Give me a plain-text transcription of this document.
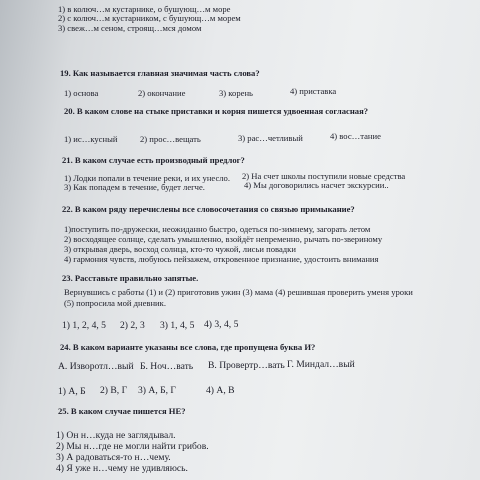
1) в колюч…м кустарнике, о бушующ…м море
2) с колюч…м кустарником, с бушующ…м морем
3) свеж…м сеном, строящ…мся домом
19. Как называется главная значимая часть слова?
1) основа	2) окончание	3) корень	4) приставка
20. В каком слове на стыке приставки и корня пишется удвоенная согласная?
1) ис…кусный	2) прос…вещать	3) рас…четливый	4) вос…тание
21. В каком случае есть производный предлог?
1) Лодки попали в течение реки, и их унесло. 2) На счет школы поступили новые средства
3) Как попадем в течение, будет легче.	4) Мы договорились насчет экскурсии..
22. В каком ряду перечислены все словосочетания со связью примыкание?
1)поступить по-дружески, неожиданно быстро, одеться по-зимнему, загорать летом
2) восходящее солнце, сделать умышленно, взойдёт непременно, рычать по-звериному
3) открывая дверь, восход солнца, кто-то чужой, лисьи повадки
4) гармония чувств, любуюсь пейзажем, откровенное признание, удостоить внимания
23. Расставьте правильно запятые.
Вернувшись с работы (1) и (2) приготовив ужин (3) мама (4) решившая проверить уменя уроки
(5) попросила мой дневник.
1) 1, 2, 4, 5 2) 2, 3 3) 1, 4, 5 4) 3, 4, 5
24. В каком варианте указаны все слова, где пропущена буква И?
А. Изворотл…вый Б. Ноч…вать В. Провертр…вать Г. Миндал…вый
1) А, Б 2) В, Г 3) А, Б, Г	4) А, В
25. В каком случае пишется НЕ?
1) Он н…куда не заглядывал.
2) Мы н…где не могли найти грибов.
3) А радоваться-то н…чему.
4) Я уже н…чему не удивляюсь.
